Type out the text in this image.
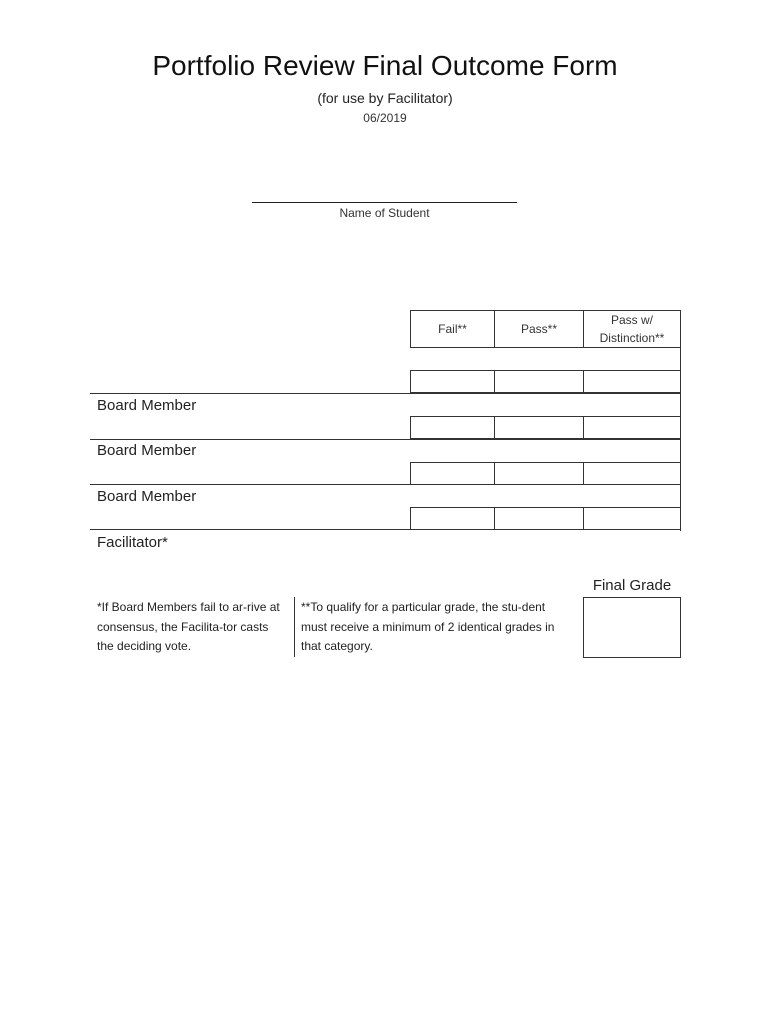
Portfolio Review Final Outcome Form
(for use by Facilitator)
06/2019
Name of Student
Fail**	Pass**
Pass w/ Distinction**
Board Member
Board Member
Board Member
Facilitator*
*If Board Members fail to ar-rive at consensus, the Facilita-tor casts the deciding vote.
**To qualify for a particular grade, the stu-dent must receive a minimum of 2 identical grades in that category.
Final Grade
